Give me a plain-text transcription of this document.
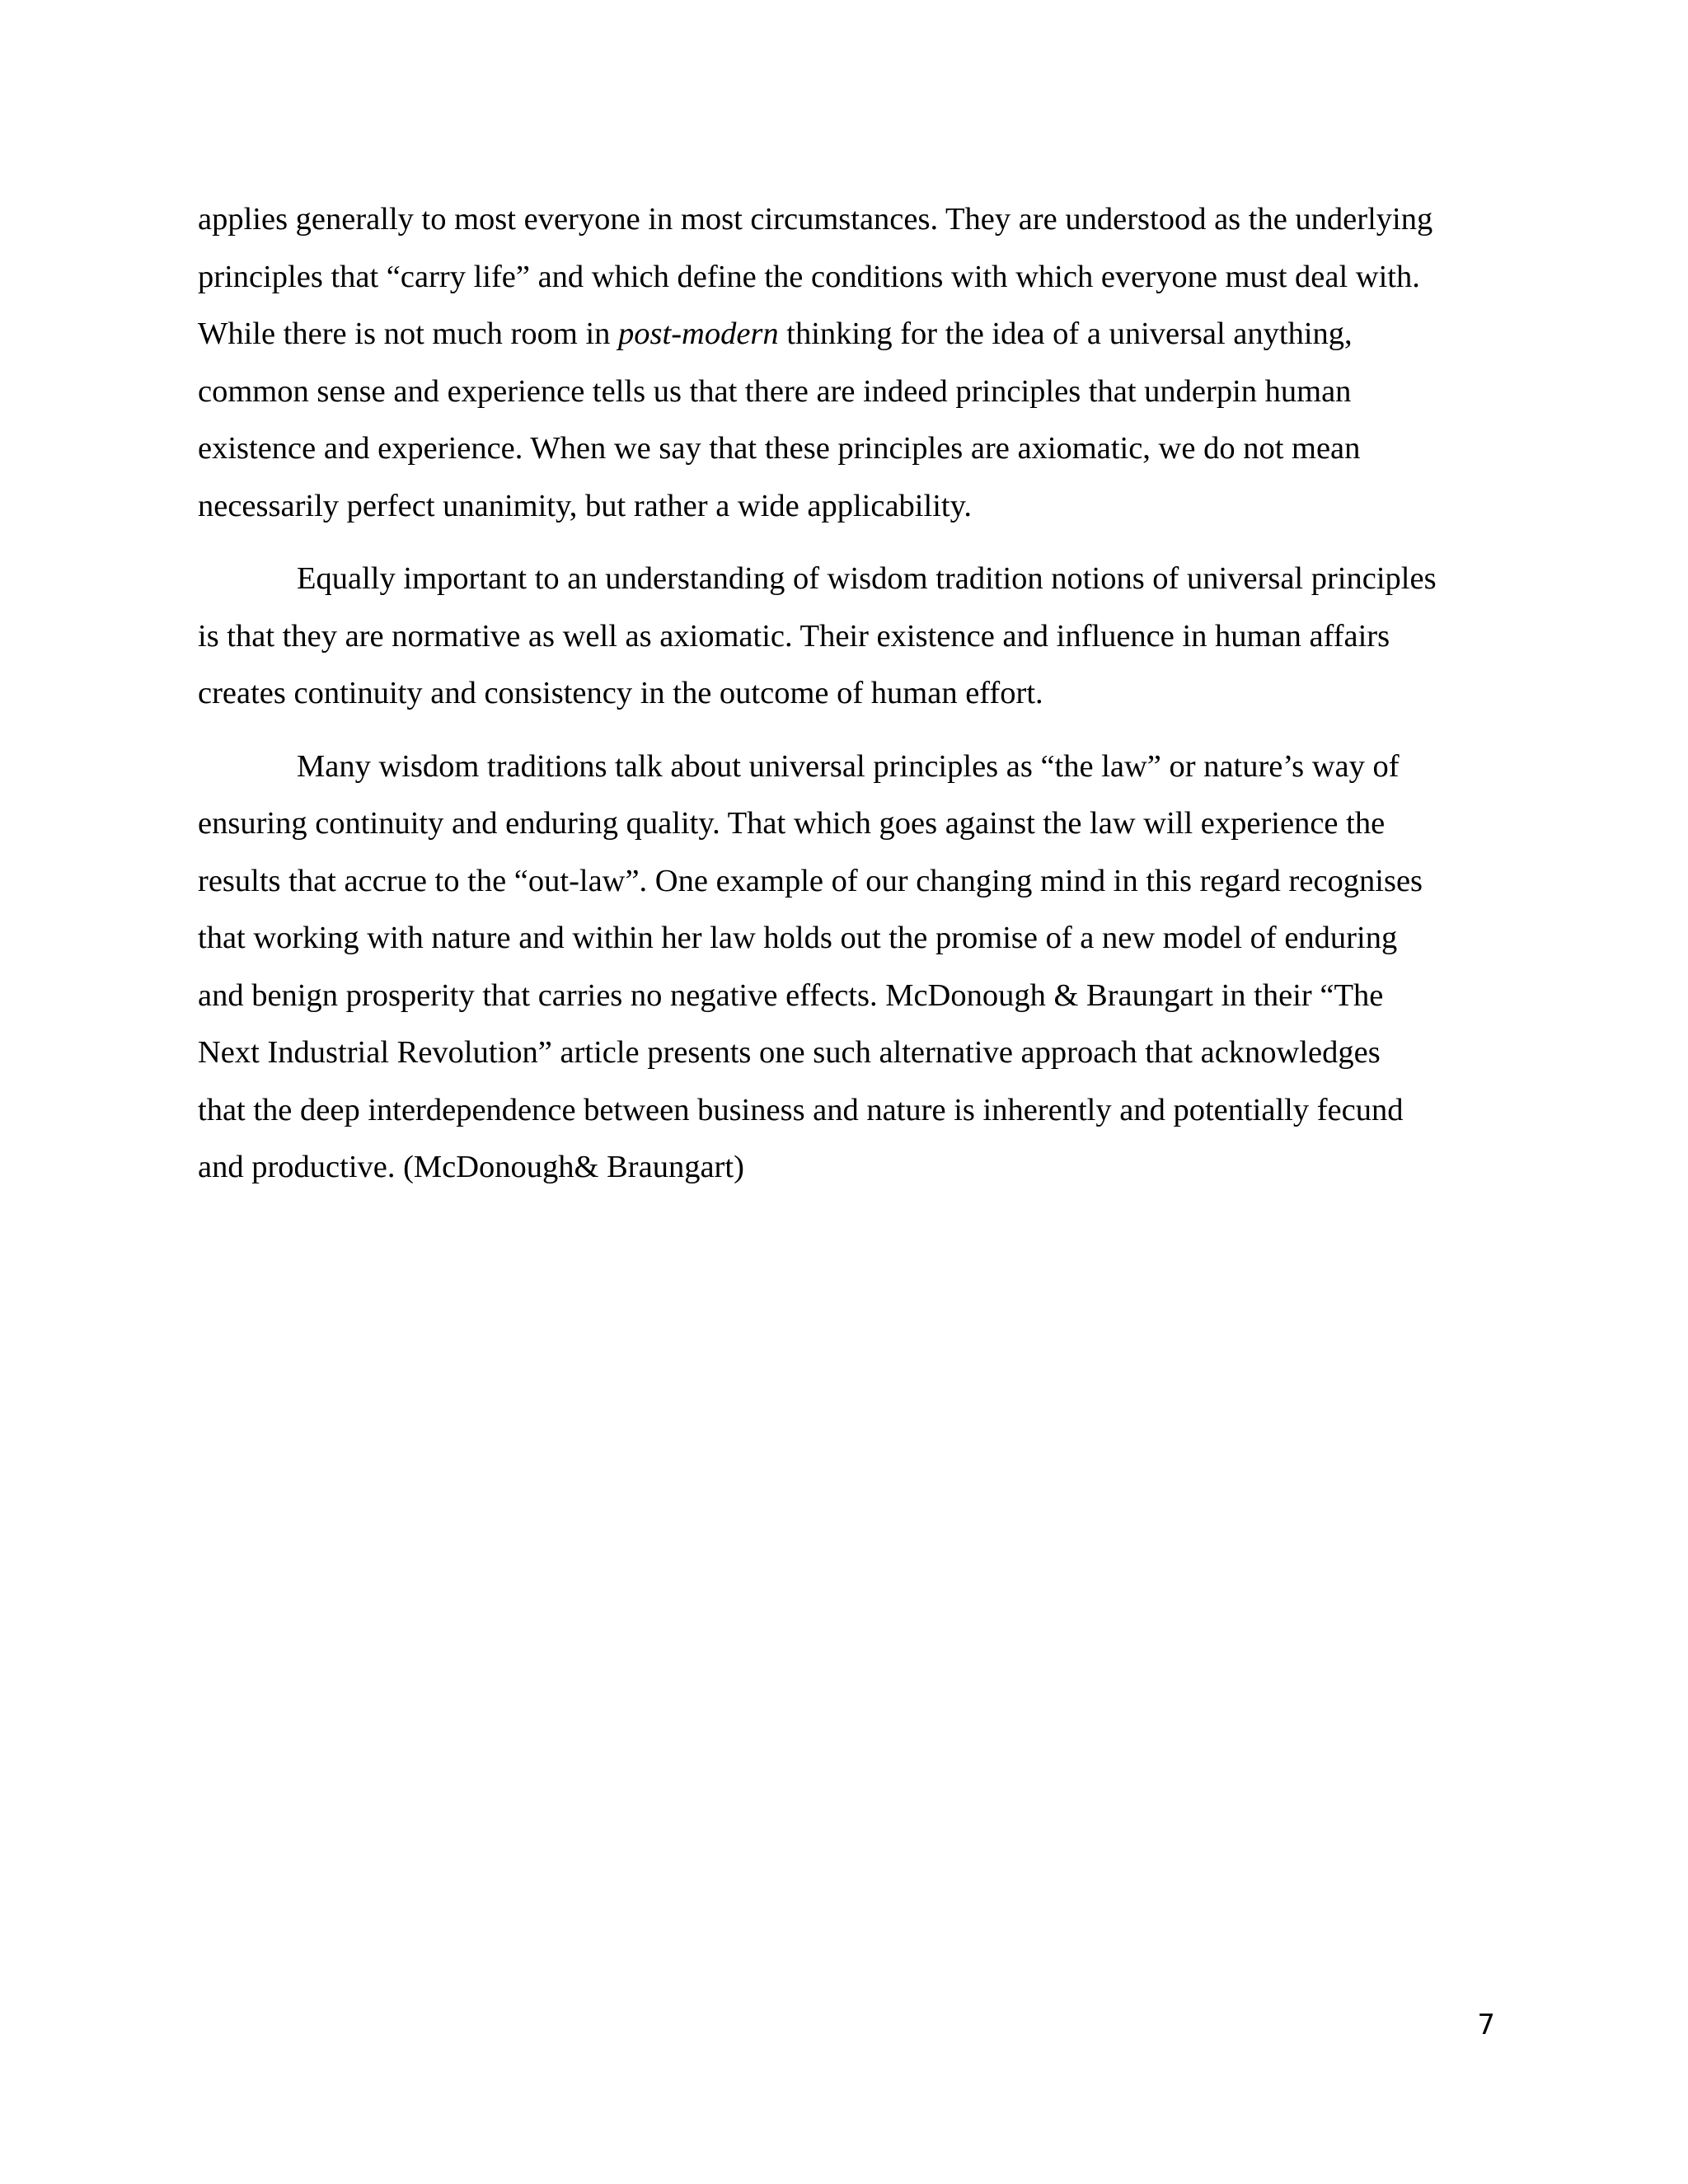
applies generally to most everyone in most circumstances. They are understood as the underlying
principles that “carry life” and which define the conditions with which everyone must deal with.
While there is not much room in post-modern thinking for the idea of a universal anything,
common sense and experience tells us that there are indeed principles that underpin human
existence and experience. When we say that these principles are axiomatic, we do not mean
necessarily perfect unanimity, but rather a wide applicability.
Equally important to an understanding of wisdom tradition notions of universal principles
is that they are normative as well as axiomatic. Their existence and influence in human affairs
creates continuity and consistency in the outcome of human effort.
Many wisdom traditions talk about universal principles as “the law” or nature’s way of
ensuring continuity and enduring quality. That which goes against the law will experience the
results that accrue to the “out-law”. One example of our changing mind in this regard recognises
that working with nature and within her law holds out the promise of a new model of enduring
and benign prosperity that carries no negative effects. McDonough & Braungart in their “The
Next Industrial Revolution” article presents one such alternative approach that acknowledges
that the deep interdependence between business and nature is inherently and potentially fecund
and productive. (McDonough& Braungart)
7
